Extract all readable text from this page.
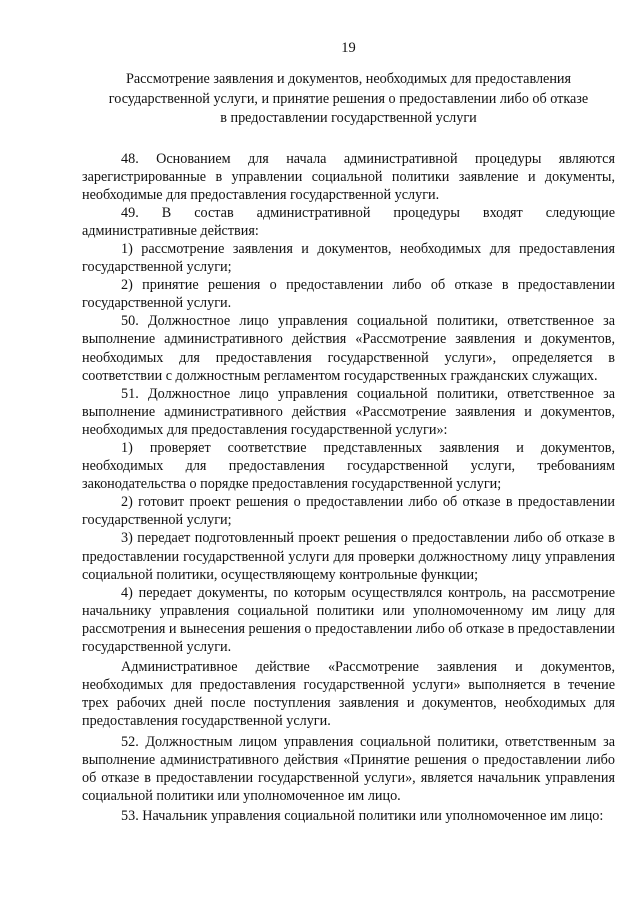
19
Рассмотрение заявления и документов, необходимых для предоставления
государственной услуги, и принятие решения о предоставлении либо об отказе
в предоставлении государственной услуги

48. Основанием для начала административной процедуры являются зарегистрированные в управлении социальной политики заявление и документы, необходимые для предоставления государственной услуги.

49. В состав административной процедуры входят следующие административные действия:

1) рассмотрение заявления и документов, необходимых для предоставления государственной услуги;

2) принятие решения о предоставлении либо об отказе в предоставлении государственной услуги.

50. Должностное лицо управления социальной политики, ответственное за выполнение административного действия «Рассмотрение заявления и документов, необходимых для предоставления государственной услуги», определяется в соответствии с должностным регламентом государственных гражданских служащих.

51. Должностное лицо управления социальной политики, ответственное за выполнение административного действия «Рассмотрение заявления и документов, необходимых для предоставления государственной услуги»:

1) проверяет соответствие представленных заявления и документов, необходимых для предоставления государственной услуги, требованиям законодательства о порядке предоставления государственной услуги;

2) готовит проект решения о предоставлении либо об отказе в предоставлении государственной услуги;

3) передает подготовленный проект решения о предоставлении либо об отказе в предоставлении государственной услуги для проверки должностному лицу управления социальной политики, осуществляющему контрольные функции;

4) передает документы, по которым осуществлялся контроль, на рассмотрение начальнику управления социальной политики или уполномоченному им лицу для рассмотрения и вынесения решения о предоставлении либо об отказе в предоставлении государственной услуги.

Административное действие «Рассмотрение заявления и документов, необходимых для предоставления государственной услуги» выполняется в течение трех рабочих дней после поступления заявления и документов, необходимых для предоставления государственной услуги.

52. Должностным лицом управления социальной политики, ответственным за выполнение административного действия «Принятие решения о предоставлении либо об отказе в предоставлении государственной услуги», является начальник управления социальной политики или уполномоченное им лицо.

53. Начальник управления социальной политики или уполномоченное им лицо:
